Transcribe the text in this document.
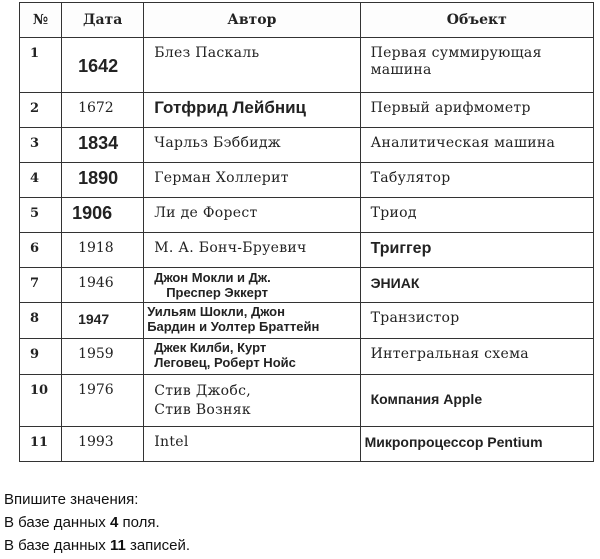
№	Дата	Автор	Объект
1	1642	Блез Паскаль	Первая суммирующая
машина

2	1672	Готфрид Лейбниц	Первый арифмометр

3	1834	Чарльз Бэббидж	Аналитическая машина

4	1890	Герман Холлерит	Табулятор

5	1906	Ли де Форест	Триод

6	1918	М. А. Бонч-Бруевич	Триггер

7	1946	Джон Мокли и Дж.
Преспер Эккерт	ЭНИАК

8	1947	Уильям Шокли, Джон
Бардин и Уолтер Браттейн	Транзистор

9	1959	Джек Килби, Курт
Леговец, Роберт Нойс	Интегральная схема

10	1976	Стив Джобс,
Стив Возняк	Компания Apple

11	1993	Intel	Микропроцессор Pentium
Впишите значения:
В базе данных 4 поля.
В базе данных 11 записей.
